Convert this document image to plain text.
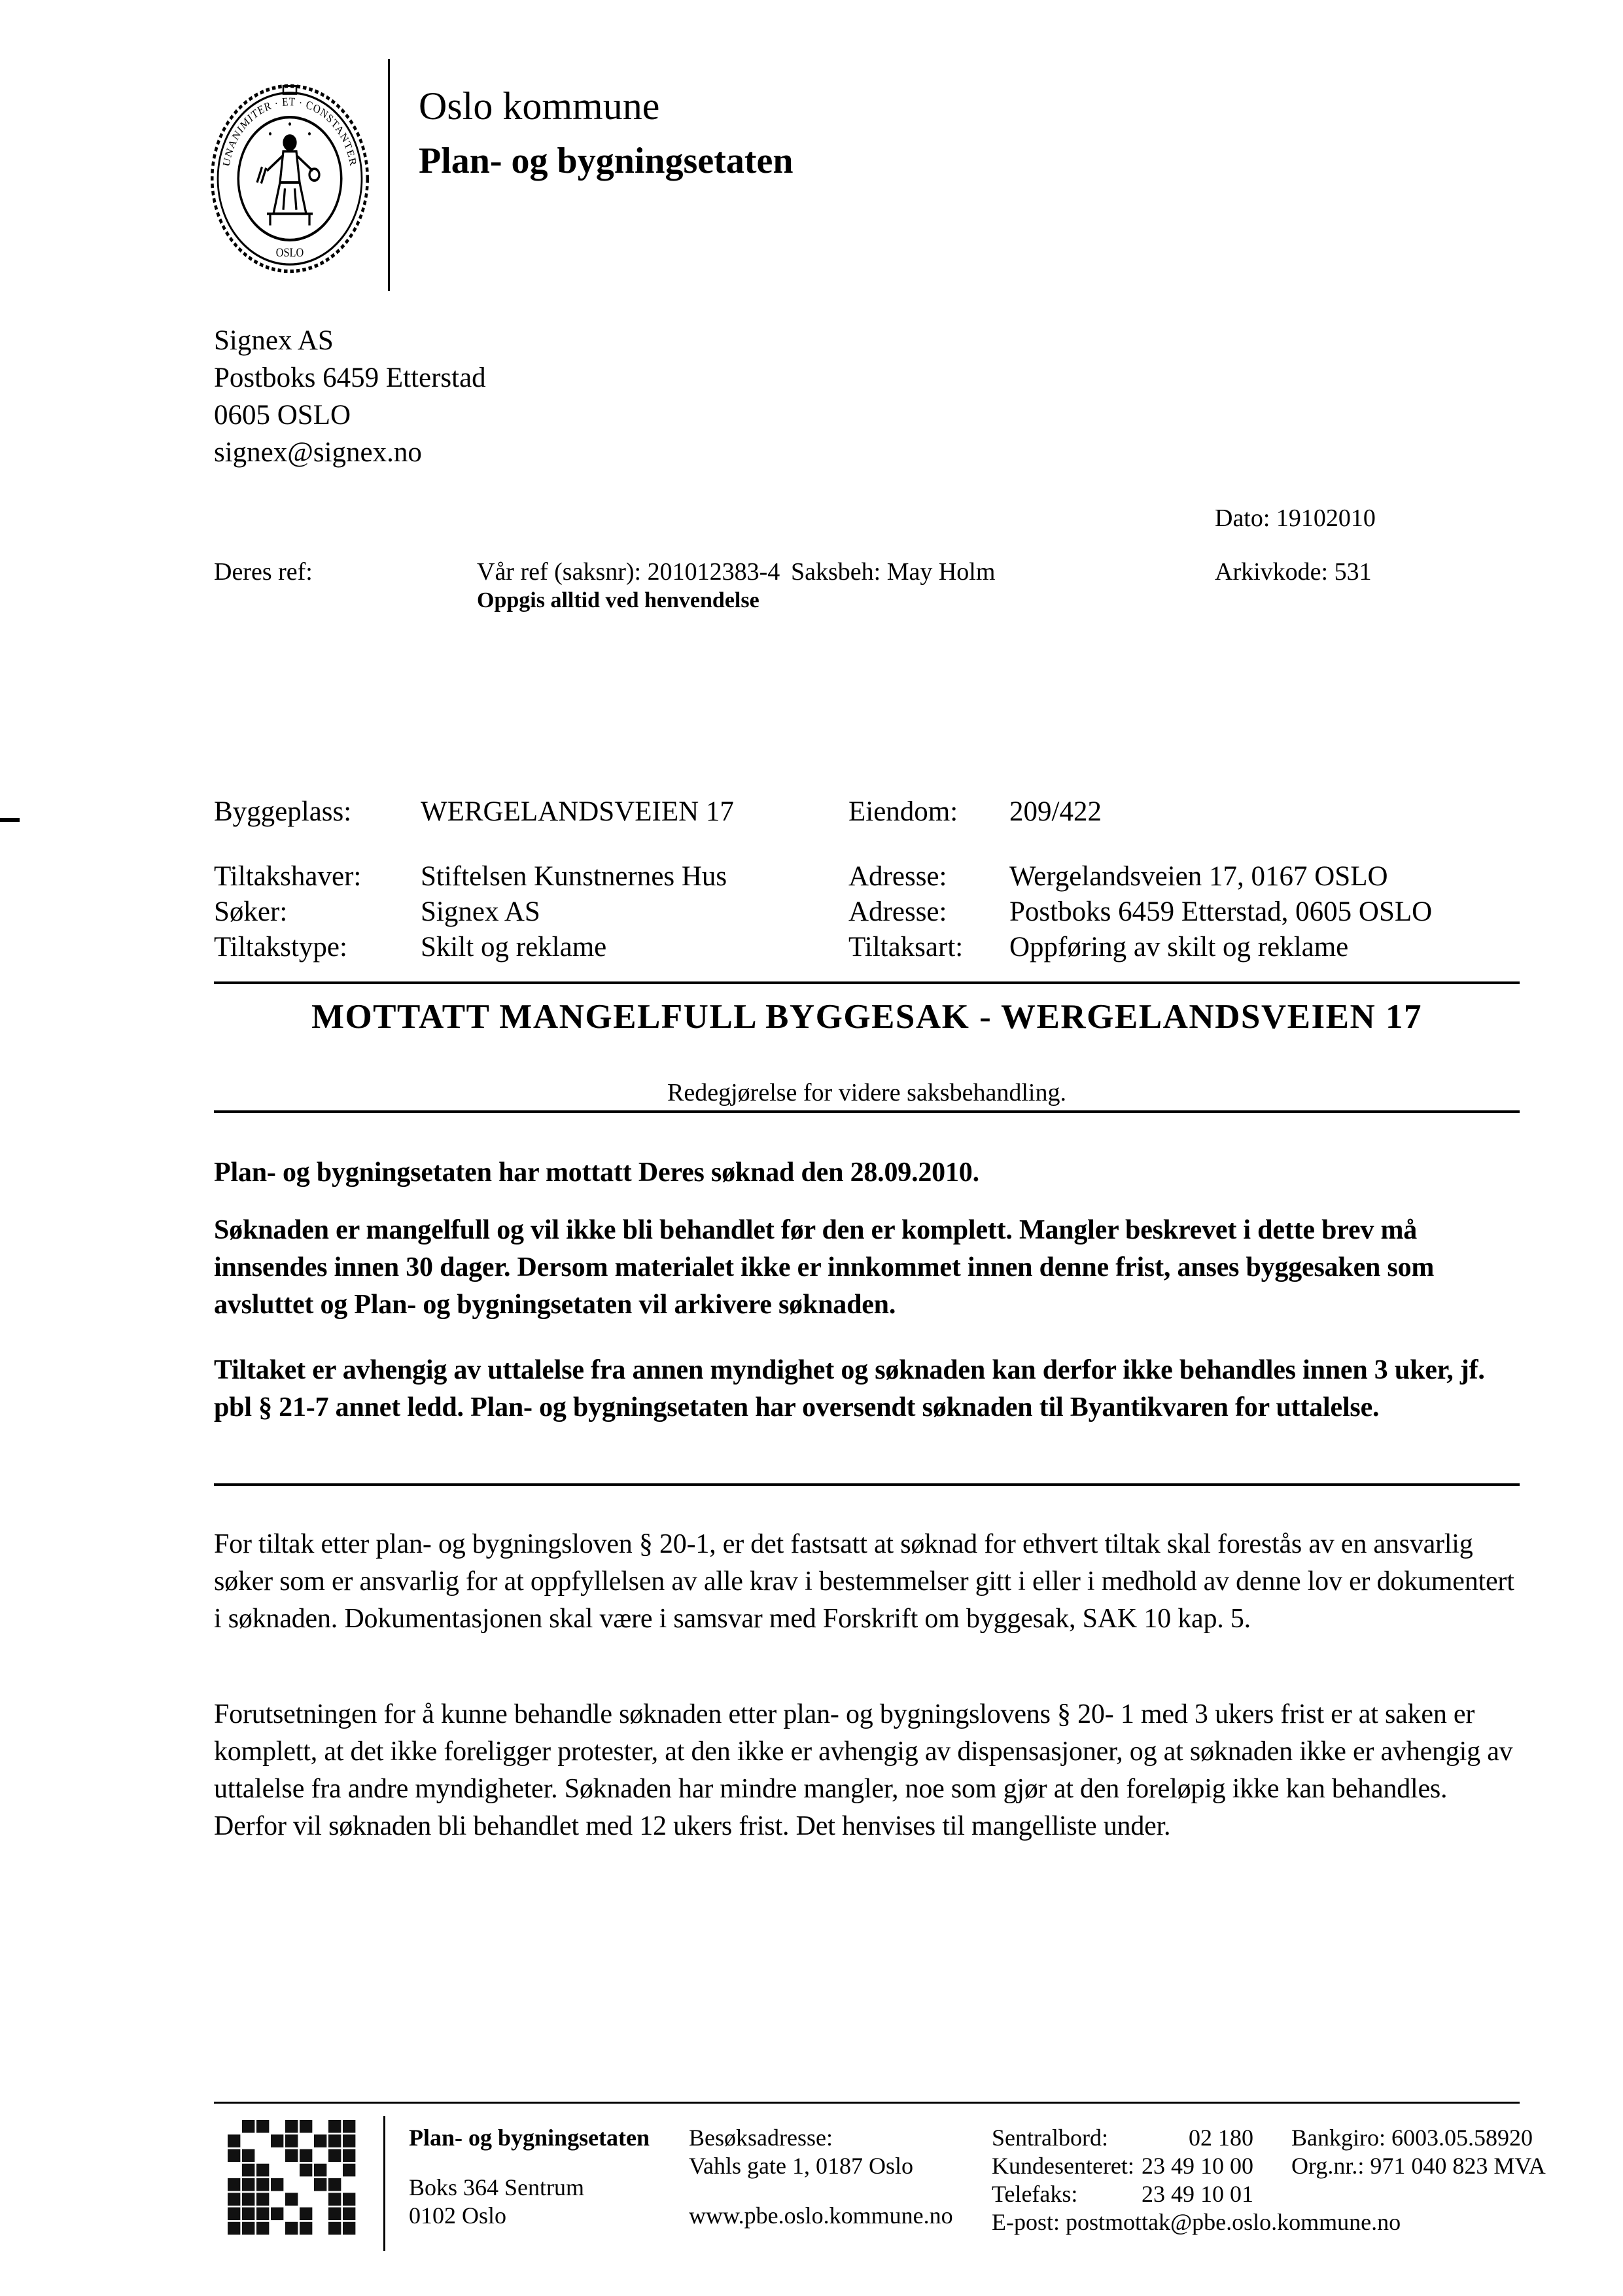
UNANIMITER · ET · CONSTANTER
OSLO
Oslo kommune
Plan- og bygningsetaten
Signex AS
Postboks 6459 Etterstad
0605 OSLO
signex@signex.no
Dato: 19102010
Deres ref:	Vår ref (saksnr): 201012383-4
Oppgis alltid ved henvendelse
Saksbeh: May Holm	Arkivkode: 531
Byggeplass:	WERGELANDSVEIEN 17	Eiendom:	209/422
Tiltakshaver:	Stiftelsen Kunstnernes Hus	Adresse:	Wergelandsveien 17, 0167 OSLO
Søker:	Signex AS	Adresse:	Postboks 6459 Etterstad, 0605 OSLO
Tiltakstype:	Skilt og reklame	Tiltaksart:	Oppføring av skilt og reklame
MOTTATT MANGELFULL BYGGESAK - WERGELANDSVEIEN 17
Redegjørelse for videre saksbehandling.
Plan- og bygningsetaten har mottatt Deres søknad den 28.09.2010.
Søknaden er mangelfull og vil ikke bli behandlet før den er komplett. Mangler beskrevet i dette brev må innsendes innen 30 dager. Dersom materialet ikke er innkommet innen denne frist, anses byggesaken som avsluttet og Plan- og bygningsetaten vil arkivere søknaden.
Tiltaket er avhengig av uttalelse fra annen myndighet og søknaden kan derfor ikke behandles innen 3 uker, jf. pbl § 21-7 annet ledd. Plan- og bygningsetaten har oversendt søknaden til Byantikvaren for uttalelse.
For tiltak etter plan- og bygningsloven § 20-1, er det fastsatt at søknad for ethvert tiltak skal forestås av en ansvarlig søker som er ansvarlig for at oppfyllelsen av alle krav i bestemmelser gitt i eller i medhold av denne lov er dokumentert i søknaden. Dokumentasjonen skal være i samsvar med Forskrift om byggesak, SAK 10 kap. 5.
Forutsetningen for å kunne behandle søknaden etter plan- og bygningslovens § 20- 1 med 3 ukers frist er at saken er komplett, at det ikke foreligger protester, at den ikke er avhengig av dispensasjoner, og at søknaden ikke er avhengig av uttalelse fra andre myndigheter. Søknaden har mindre mangler, noe som gjør at den foreløpig ikke kan behandles. Derfor vil søknaden bli behandlet med 12 ukers frist. Det henvises til mangelliste under.
Plan- og bygningsetaten
Boks 364 Sentrum
0102 Oslo
Besøksadresse:
Vahls gate 1, 0187 Oslo
www.pbe.oslo.kommune.no
Sentralbord:	02 180
Kundesenteret: 23 49 10 00
Telefaks:	23 49 10 01
E-post: postmottak@pbe.oslo.kommune.no
Bankgiro: 6003.05.58920
Org.nr.: 971 040 823 MVA
